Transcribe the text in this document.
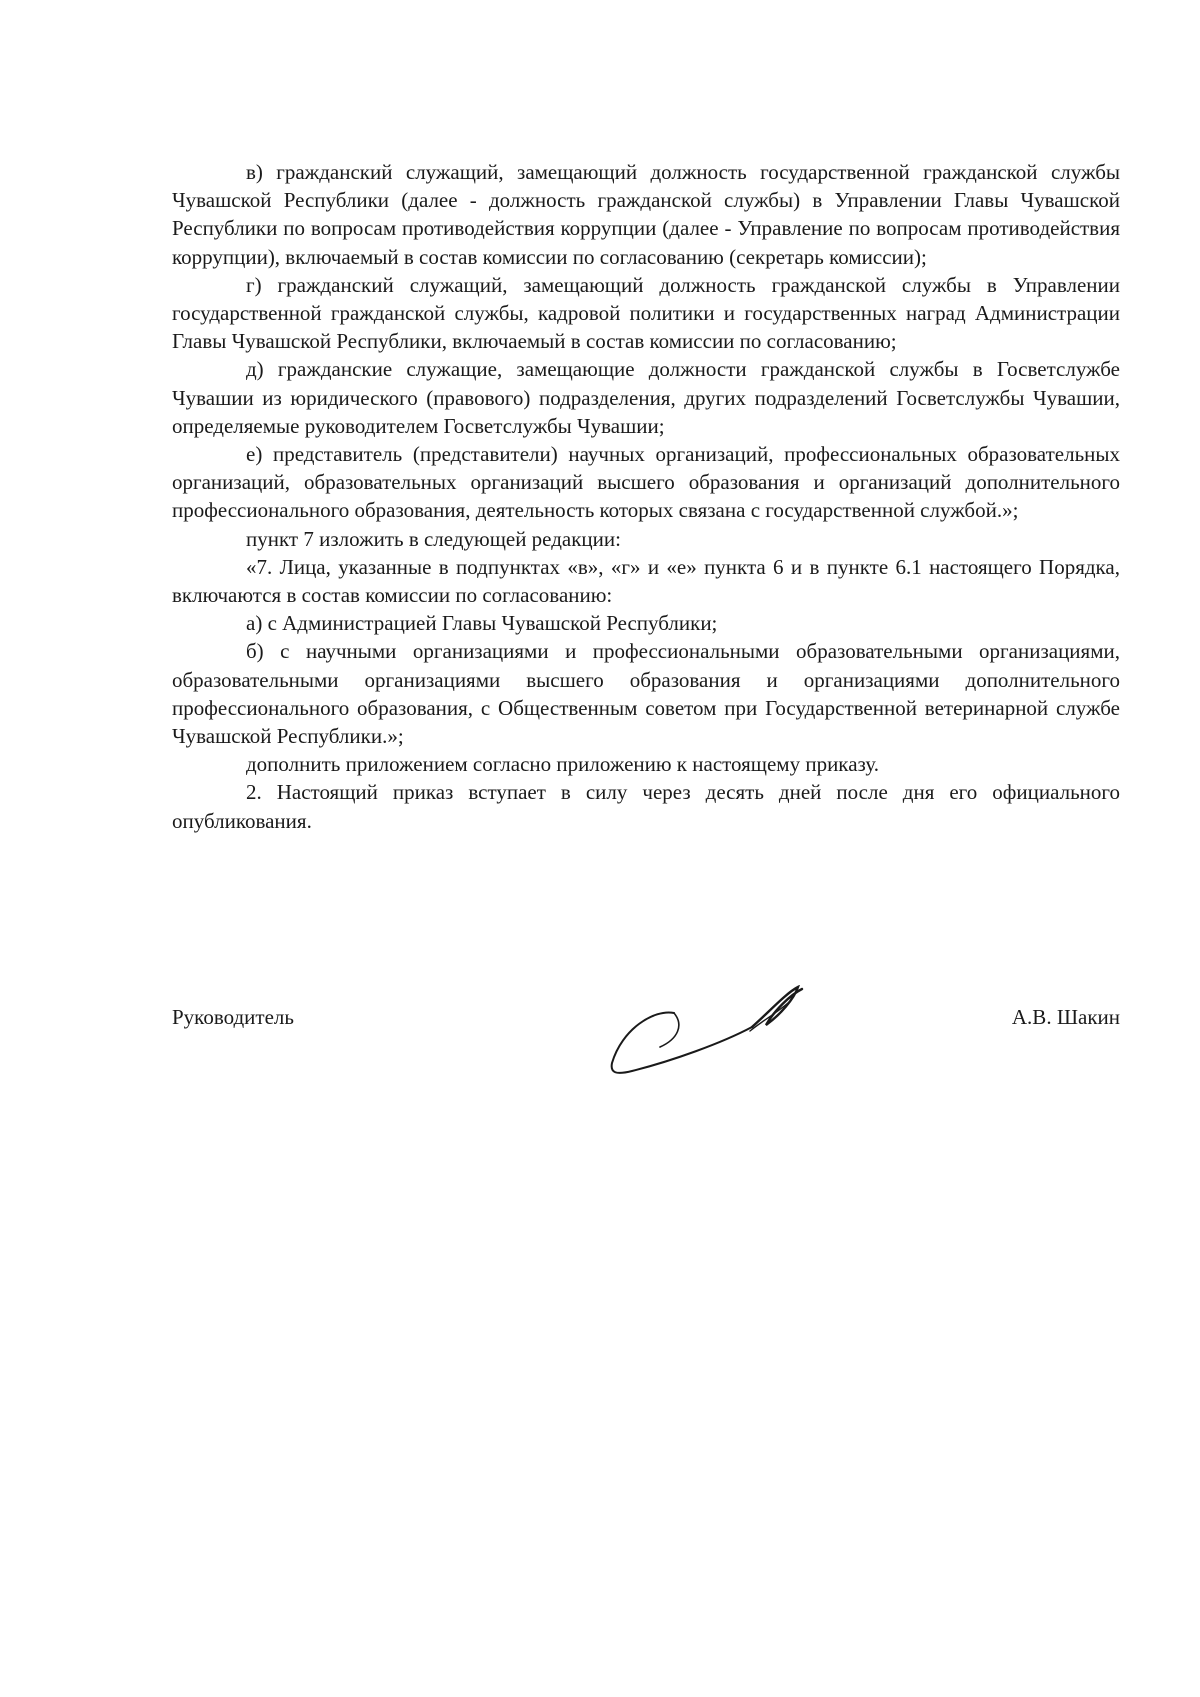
в) гражданский служащий, замещающий должность государственной гражданской службы Чувашской Республики (далее - должность гражданской службы) в Управлении Главы Чувашской Республики по вопросам противодействия коррупции (далее - Управление по вопросам противодействия коррупции), включаемый в состав комиссии по согласованию (секретарь комиссии);

г) гражданский служащий, замещающий должность гражданской службы в Управлении государственной гражданской службы, кадровой политики и государственных наград Администрации Главы Чувашской Республики, включаемый в состав комиссии по согласованию;

д) гражданские служащие, замещающие должности гражданской службы в Госветслужбе Чувашии из юридического (правового) подразделения, других подразделений Госветслужбы Чувашии, определяемые руководителем Госветслужбы Чувашии;

е) представитель (представители) научных организаций, профессиональных образовательных организаций, образовательных организаций высшего образования и организаций дополнительного профессионального образования, деятельность которых связана с государственной службой.»;

пункт 7 изложить в следующей редакции:

«7. Лица, указанные в подпунктах «в», «г» и «е» пункта 6 и в пункте 6.1 настоящего Порядка, включаются в состав комиссии по согласованию:

а) с Администрацией Главы Чувашской Республики;

б) с научными организациями и профессиональными образовательными организациями, образовательными организациями высшего образования и организациями дополнительного профессионального образования, с Общественным советом при Государственной ветеринарной службе Чувашской Республики.»;

дополнить приложением согласно приложению к настоящему приказу.

2. Настоящий приказ вступает в силу через десять дней после дня его официального опубликования.

Руководитель	А.В. Шакин
